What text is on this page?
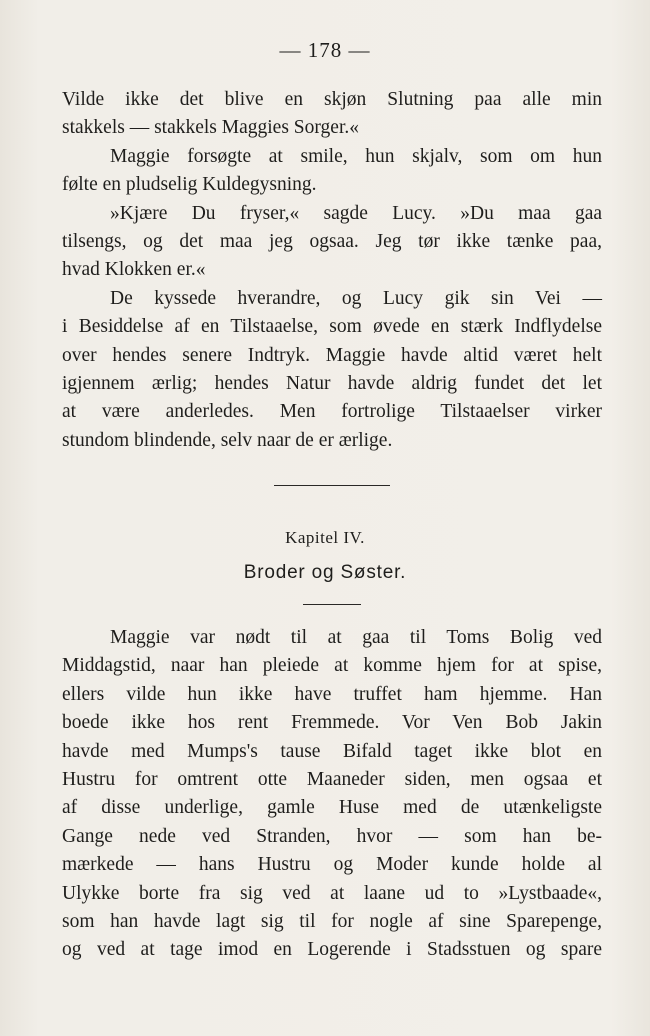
— 178 —
Vilde ikke det blive en skjøn Slutning paa alle min
stakkels — stakkels Maggies Sorger.«
Maggie forsøgte at smile, hun skjalv, som om hun
følte en pludselig Kuldegysning.
»Kjære Du fryser,« sagde Lucy. »Du maa gaa
tilsengs, og det maa jeg ogsaa. Jeg tør ikke tænke paa,
hvad Klokken er.«
De kyssede hverandre, og Lucy gik sin Vei —
i Besiddelse af en Tilstaaelse, som øvede en stærk Indflydelse
over hendes senere Indtryk. Maggie havde altid været helt
igjennem ærlig; hendes Natur havde aldrig fundet det let
at være anderledes. Men fortrolige Tilstaaelser virker
stundom blindende, selv naar de er ærlige.
Kapitel IV.
Broder og Søster.
Maggie var nødt til at gaa til Toms Bolig ved
Middagstid, naar han pleiede at komme hjem for at spise,
ellers vilde hun ikke have truffet ham hjemme. Han
boede ikke hos rent Fremmede. Vor Ven Bob Jakin
havde med Mumps's tause Bifald taget ikke blot en
Hustru for omtrent otte Maaneder siden, men ogsaa et
af disse underlige, gamle Huse med de utænkeligste
Gange nede ved Stranden, hvor — som han be-
mærkede — hans Hustru og Moder kunde holde al
Ulykke borte fra sig ved at laane ud to »Lystbaade«,
som han havde lagt sig til for nogle af sine Sparepenge,
og ved at tage imod en Logerende i Stadsstuen og spare
